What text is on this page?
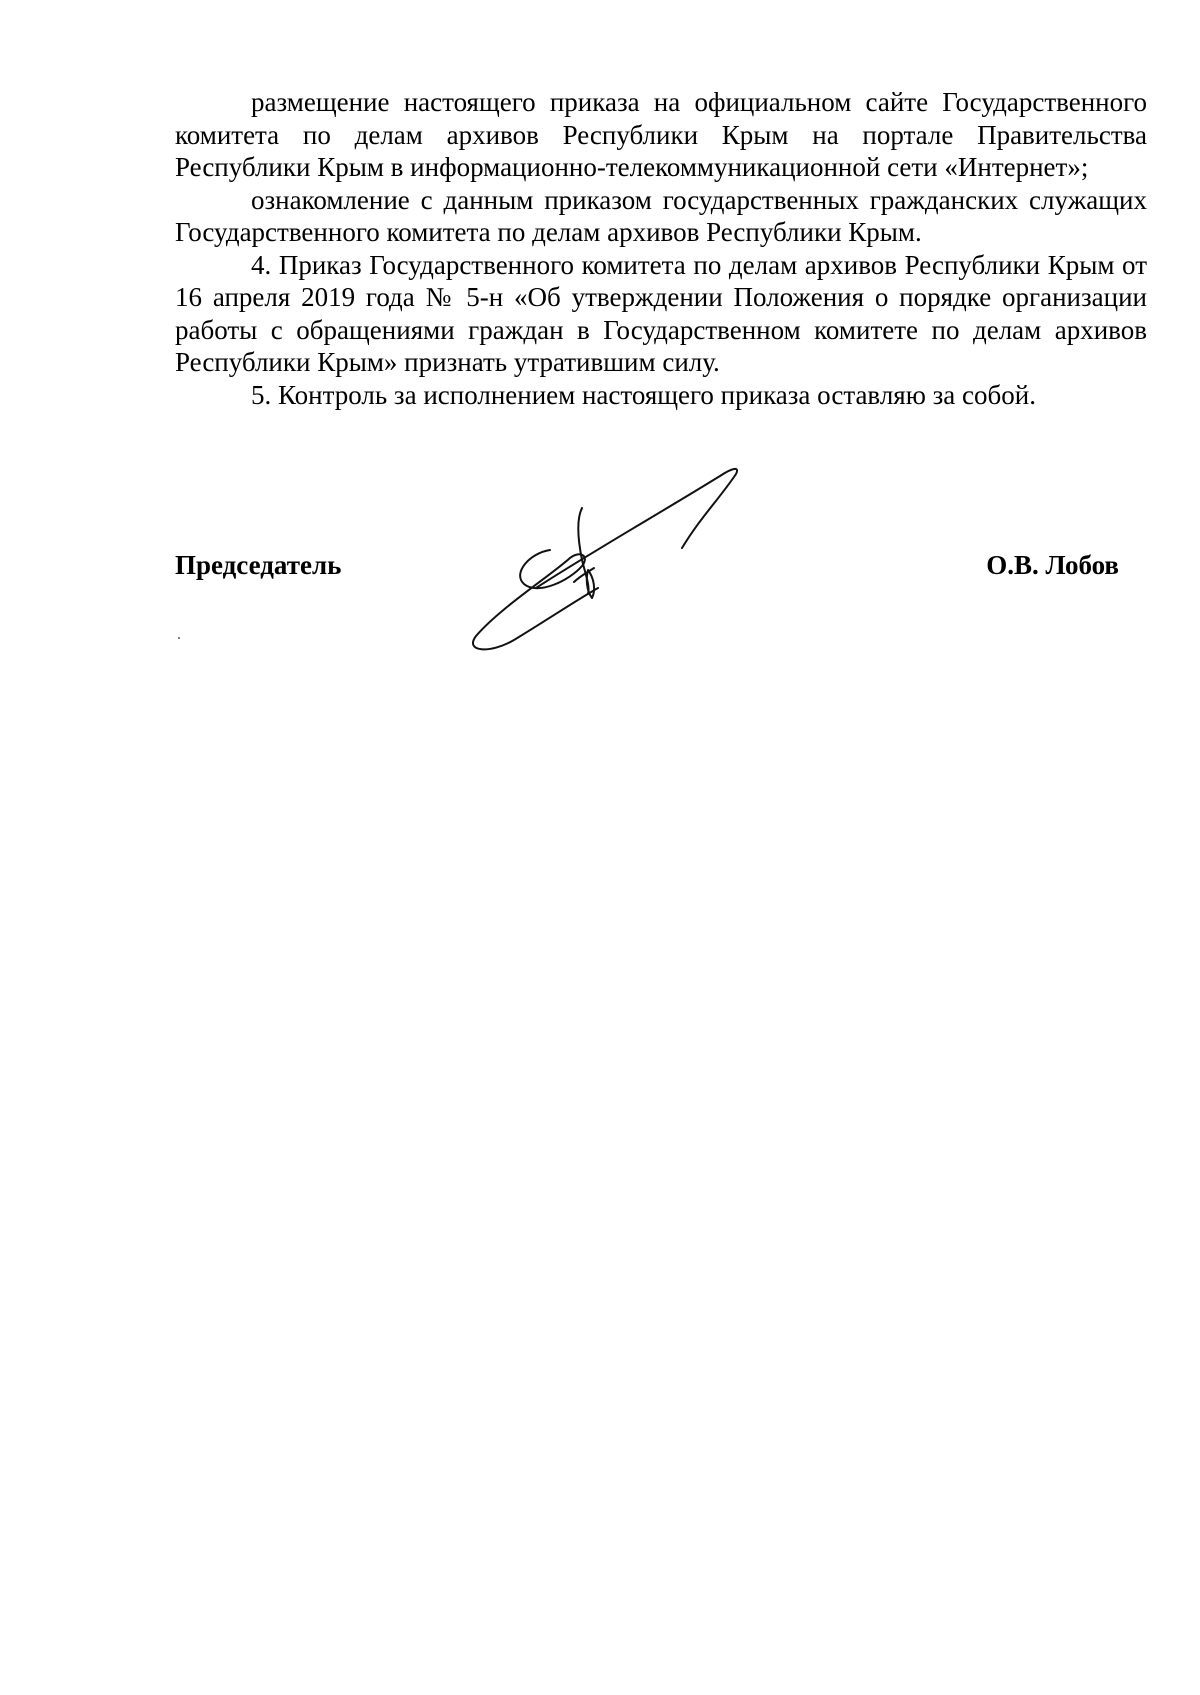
размещение настоящего приказа на официальном сайте Государственного комитета по делам архивов Республики Крым на портале Правительства Республики Крым в информационно-телекоммуникационной сети «Интернет»;

ознакомление с данным приказом государственных гражданских служащих Государственного комитета по делам архивов Республики Крым.

4. Приказ Государственного комитета по делам архивов Республики Крым от 16 апреля 2019 года № 5-н «Об утверждении Положения о порядке организации работы с обращениями граждан в Государственном комитете по делам архивов Республики Крым» признать утратившим силу.

5. Контроль за исполнением настоящего приказа оставляю за собой.

Председатель	О.В. Лобов
